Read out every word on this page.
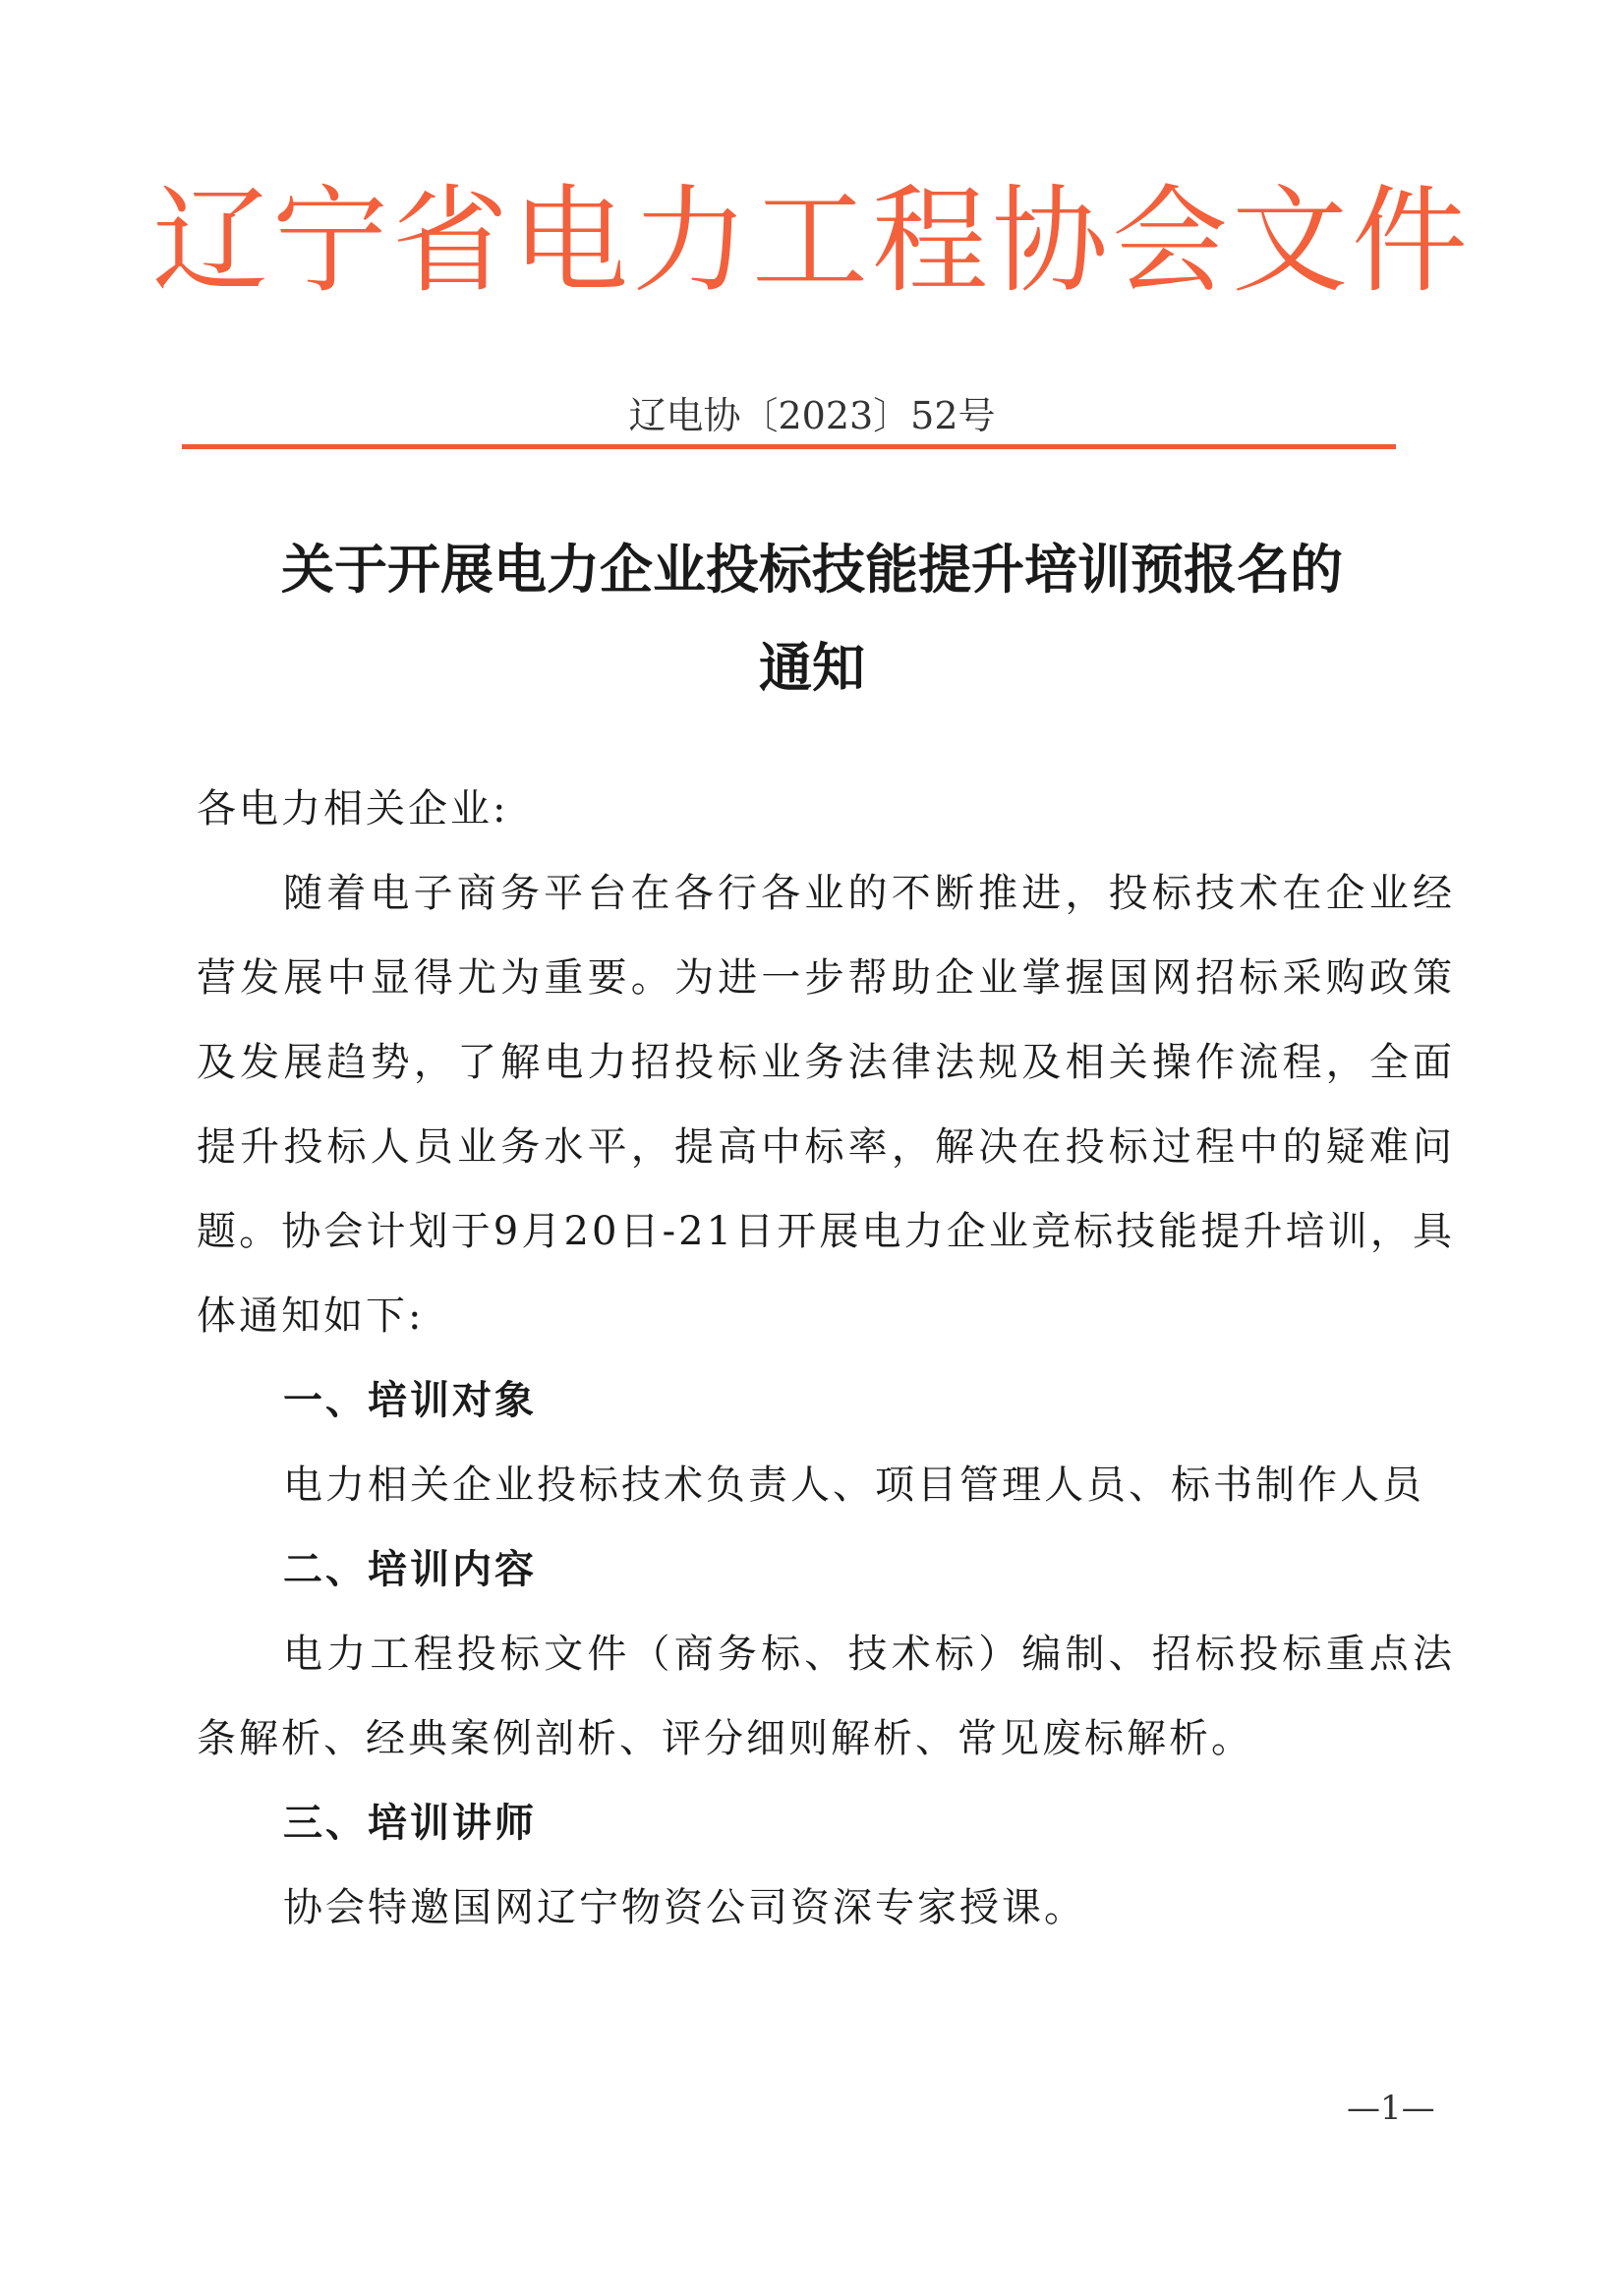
辽宁省电力工程协会文件
辽电协〔2023〕52号
关于开展电力企业投标技能提升培训预报名的
通知

各电力相关企业:

随着电子商务平台在各行各业的不断推进，投标技术在企业经营发展中显得尤为重要。为进一步帮助企业掌握国网招标采购政策及发展趋势，了解电力招投标业务法律法规及相关操作流程，全面提升投标人员业务水平，提高中标率，解决在投标过程中的疑难问题。协会计划于9月20日-21日开展电力企业竞标技能提升培训，具体通知如下:

一、培训对象

电力相关企业投标技术负责人、项目管理人员、标书制作人员

二、培训内容

电力工程投标文件（商务标、技术标）编制、招标投标重点法条解析、经典案例剖析、评分细则解析、常见废标解析。

三、培训讲师

协会特邀国网辽宁物资公司资深专家授课。

—1—
